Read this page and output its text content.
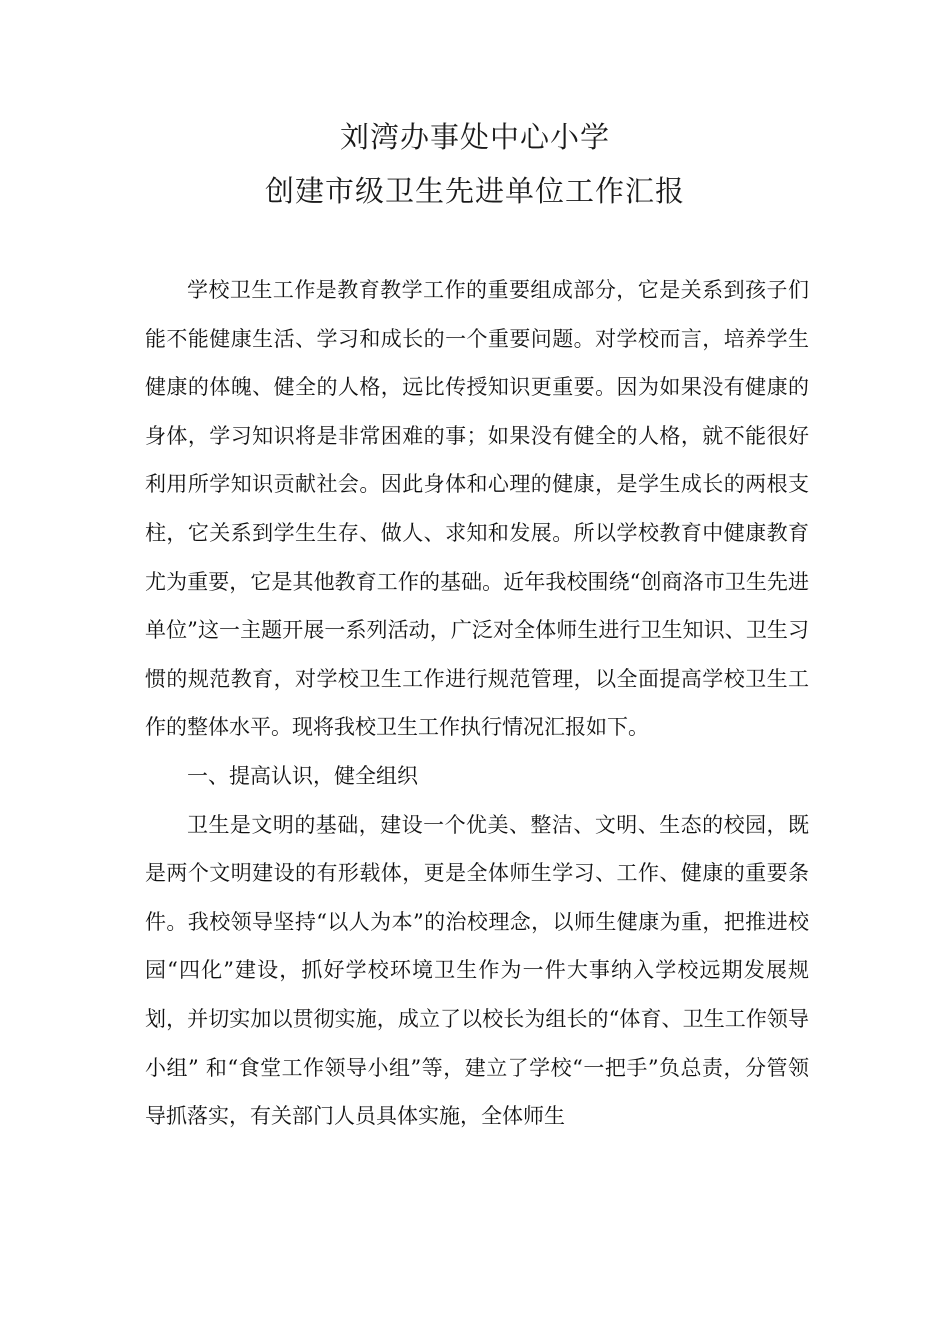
刘湾办事处中心小学
创建市级卫生先进单位工作汇报

学校卫生工作是教育教学工作的重要组成部分，它是关系到孩子们能不能健康生活、学习和成长的一个重要问题。对学校而言，培养学生健康的体魄、健全的人格，远比传授知识更重要。因为如果没有健康的身体，学习知识将是非常困难的事；如果没有健全的人格，就不能很好利用所学知识贡献社会。因此身体和心理的健康，是学生成长的两根支柱，它关系到学生生存、做人、求知和发展。所以学校教育中健康教育尤为重要，它是其他教育工作的基础。近年我校围绕“创商洛市卫生先进单位”这一主题开展一系列活动，广泛对全体师生进行卫生知识、卫生习惯的规范教育，对学校卫生工作进行规范管理，以全面提高学校卫生工作的整体水平。现将我校卫生工作执行情况汇报如下。

一、提高认识，健全组织

卫生是文明的基础，建设一个优美、整洁、文明、生态的校园，既是两个文明建设的有形载体，更是全体师生学习、工作、健康的重要条件。我校领导坚持“以人为本”的治校理念，以师生健康为重，把推进校园“四化”建设，抓好学校环境卫生作为一件大事纳入学校远期发展规划，并切实加以贯彻实施，成立了以校长为组长的“体育、卫生工作领导小组” 和“食堂工作领导小组”等，建立了学校“一把手”负总责，分管领导抓落实，有关部门人员具体实施，全体师生
